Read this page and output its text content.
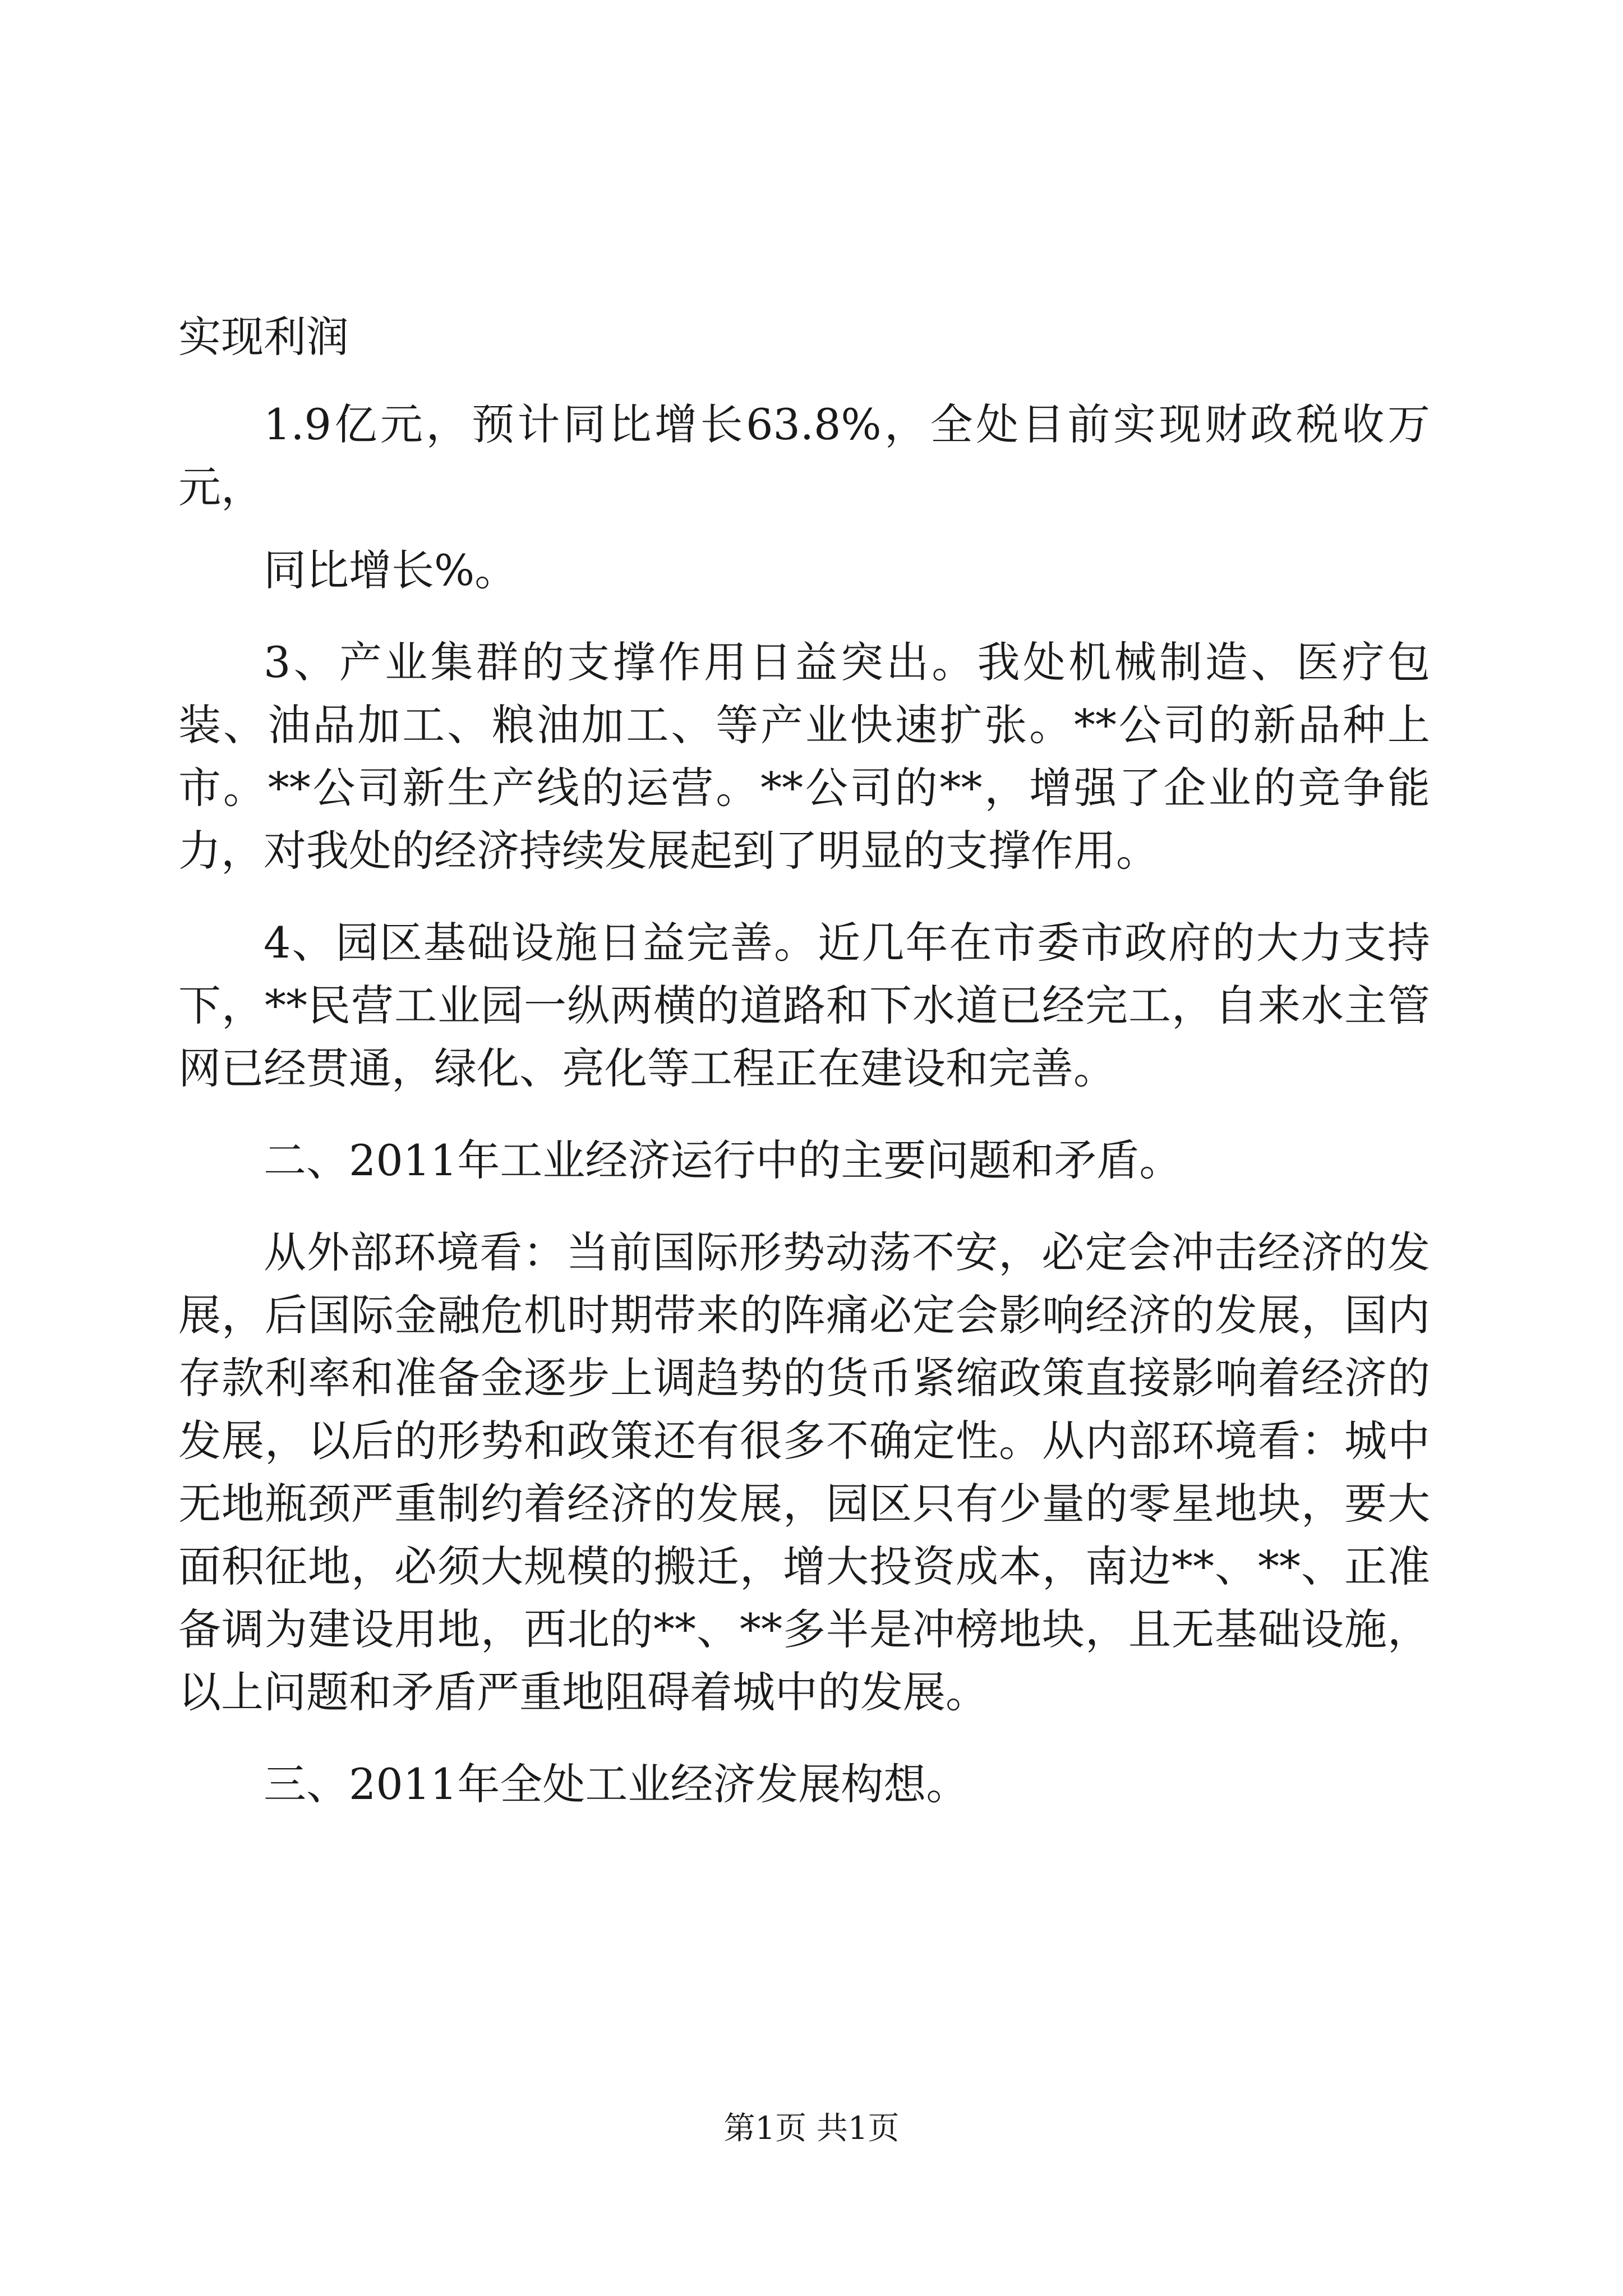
实现利润

1.9亿元，预计同比增长63.8%，全处目前实现财政税收万元，

同比增长%。

3、产业集群的支撑作用日益突出。我处机械制造、医疗包装、油品加工、粮油加工、等产业快速扩张。**公司的新品种上市。**公司新生产线的运营。**公司的**，增强了企业的竞争能力，对我处的经济持续发展起到了明显的支撑作用。

4、园区基础设施日益完善。近几年在市委市政府的大力支持下，**民营工业园一纵两横的道路和下水道已经完工，自来水主管网已经贯通，绿化、亮化等工程正在建设和完善。

二、2011年工业经济运行中的主要问题和矛盾。

从外部环境看：当前国际形势动荡不安，必定会冲击经济的发展，后国际金融危机时期带来的阵痛必定会影响经济的发展，国内存款利率和准备金逐步上调趋势的货币紧缩政策直接影响着经济的发展，以后的形势和政策还有很多不确定性。从内部环境看：城中无地瓶颈严重制约着经济的发展，园区只有少量的零星地块，要大面积征地，必须大规模的搬迁，增大投资成本，南边**、**、正准备调为建设用地，西北的**、**多半是冲榜地块，且无基础设施，以上问题和矛盾严重地阻碍着城中的发展。

三、2011年全处工业经济发展构想。

第1页 共1页
